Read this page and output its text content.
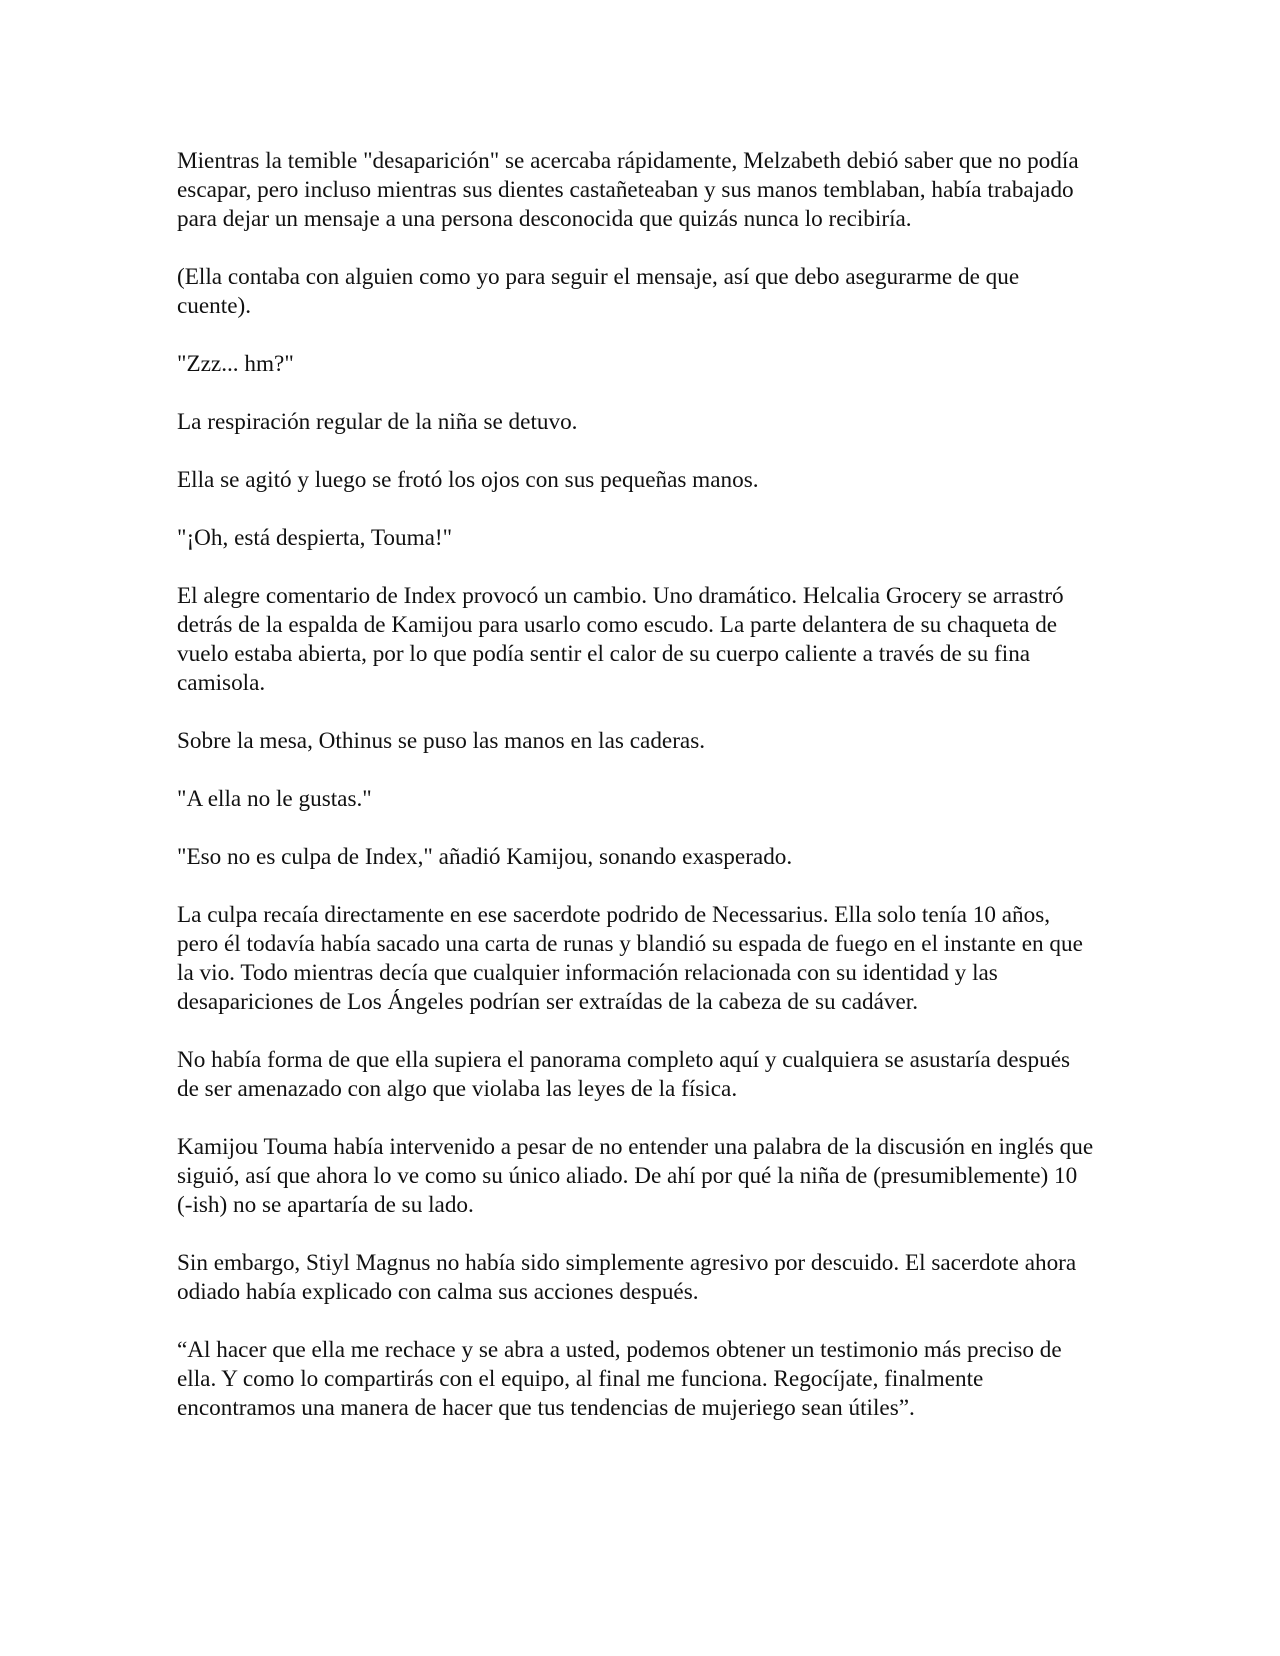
Mientras la temible "desaparición" se acercaba rápidamente, Melzabeth debió saber que no podía escapar, pero incluso mientras sus dientes castañeteaban y sus manos temblaban, había trabajado para dejar un mensaje a una persona desconocida que quizás nunca lo recibiría.

(Ella contaba con alguien como yo para seguir el mensaje, así que debo asegurarme de que cuente).

"Zzz... hm?"

La respiración regular de la niña se detuvo.

Ella se agitó y luego se frotó los ojos con sus pequeñas manos.

"¡Oh, está despierta, Touma!"

El alegre comentario de Index provocó un cambio. Uno dramático. Helcalia Grocery se arrastró detrás de la espalda de Kamijou para usarlo como escudo. La parte delantera de su chaqueta de vuelo estaba abierta, por lo que podía sentir el calor de su cuerpo caliente a través de su fina camisola.

Sobre la mesa, Othinus se puso las manos en las caderas.

"A ella no le gustas."

"Eso no es culpa de Index," añadió Kamijou, sonando exasperado.

La culpa recaía directamente en ese sacerdote podrido de Necessarius. Ella solo tenía 10 años, pero él todavía había sacado una carta de runas y blandió su espada de fuego en el instante en que la vio. Todo mientras decía que cualquier información relacionada con su identidad y las desapariciones de Los Ángeles podrían ser extraídas de la cabeza de su cadáver.

No había forma de que ella supiera el panorama completo aquí y cualquiera se asustaría después de ser amenazado con algo que violaba las leyes de la física.

Kamijou Touma había intervenido a pesar de no entender una palabra de la discusión en inglés que siguió, así que ahora lo ve como su único aliado. De ahí por qué la niña de (presumiblemente) 10 (-ish) no se apartaría de su lado.

Sin embargo, Stiyl Magnus no había sido simplemente agresivo por descuido. El sacerdote ahora odiado había explicado con calma sus acciones después.

“Al hacer que ella me rechace y se abra a usted, podemos obtener un testimonio más preciso de ella. Y como lo compartirás con el equipo, al final me funciona. Regocíjate, finalmente encontramos una manera de hacer que tus tendencias de mujeriego sean útiles”.
